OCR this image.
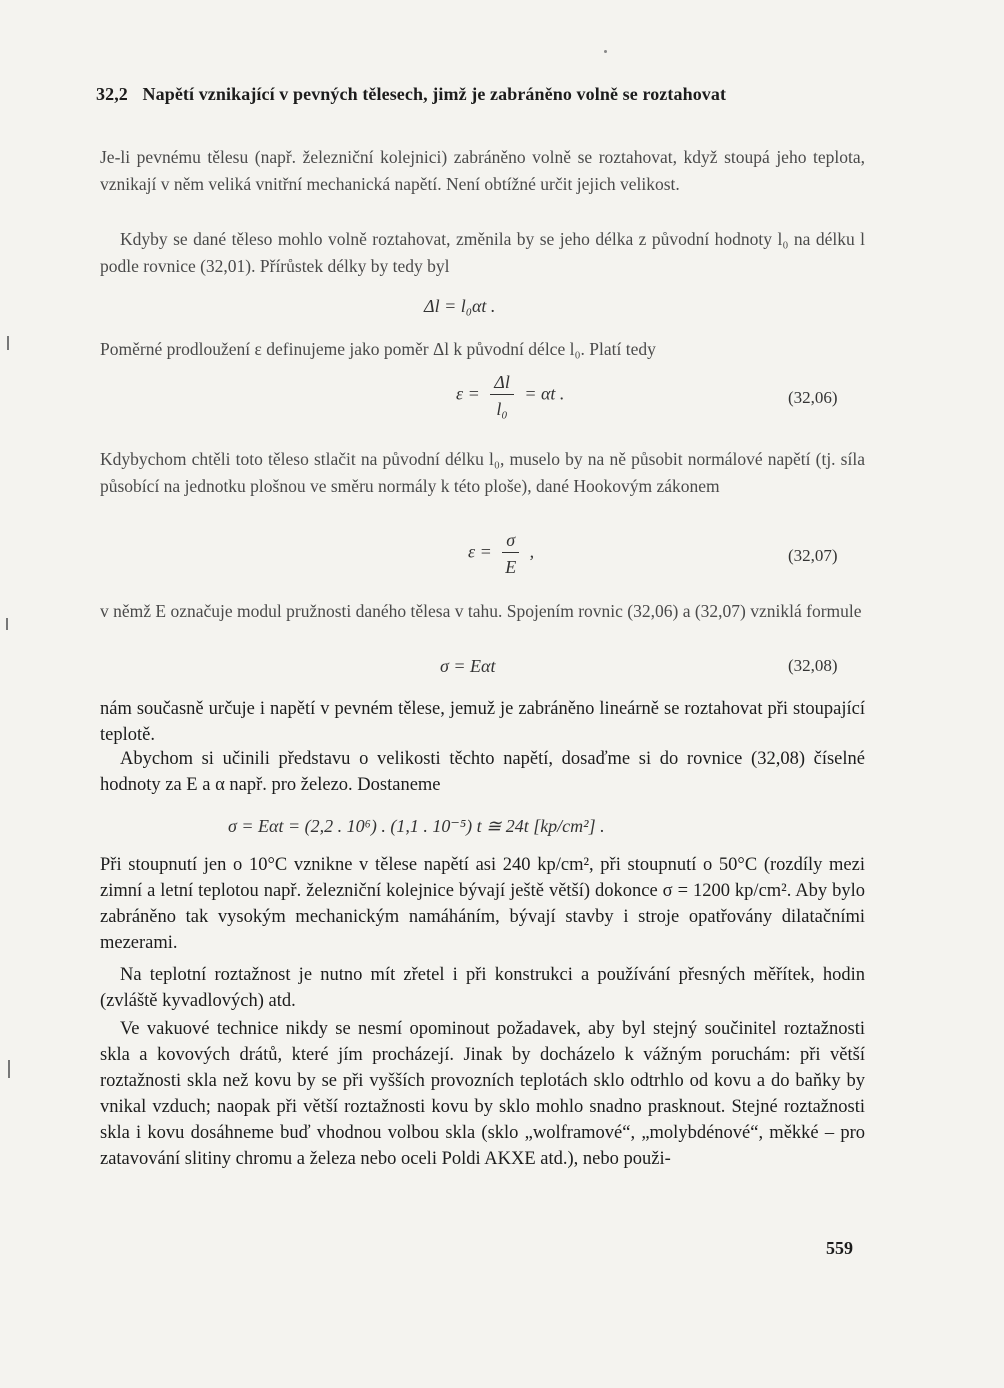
32,2 Napětí vznikající v pevných tělesech, jimž je zabráněno volně se roztahovat
Je-li pevnému tělesu (např. železniční kolejnici) zabráněno volně se roztahovat, když stoupá jeho teplota, vznikají v něm veliká vnitřní mechanická napětí. Není obtížné určit jejich velikost.
Kdyby se dané těleso mohlo volně roztahovat, změnila by se jeho délka z původní hodnoty l₀ na délku l podle rovnice (32,01). Přírůstek délky by tedy byl
Δl = l₀αt .
Poměrné prodloužení ε definujeme jako poměr Δl k původní délce l₀. Platí tedy
$\varepsilon = \frac{\Delta l}{\text{l₀}} = \alpha t$ .	(32,06)
Kdybychom chtěli toto těleso stlačit na původní délku l₀, muselo by na ně působit normálové napětí (tj. síla působící na jednotku plošnou ve směru normály k této ploše), dané Hookovým zákonem
$\varepsilon = \frac{\sigma}{E}$ ,	(32,07)
v němž E označuje modul pružnosti daného tělesa v tahu. Spojením rovnic (32,06) a (32,07) vzniklá formule
σ = Eαt	(32,08)
nám současně určuje i napětí v pevném tělese, jemuž je zabráněno lineárně se roztahovat při stoupající teplotě.
Abychom si učinili představu o velikosti těchto napětí, dosaďme si do rovnice (32,08) číselné hodnoty za E a α např. pro železo. Dostaneme
σ = Eαt = (2,2 . 10⁶) . (1,1 . 10⁻⁵) t ≅ 24t [kp/cm²] .
Při stoupnutí jen o 10°C vznikne v tělese napětí asi 240 kp/cm², při stoupnutí o 50°C (rozdíly mezi zimní a letní teplotou např. železniční kolejnice bývají ještě větší) dokonce σ = 1200 kp/cm². Aby bylo zabráněno tak vysokým mechanickým namáháním, bývají stavby i stroje opatřovány dilatačními mezerami.
Na teplotní roztažnost je nutno mít zřetel i při konstrukci a používání přesných měřítek, hodin (zvláště kyvadlových) atd.
Ve vakuové technice nikdy se nesmí opominout požadavek, aby byl stejný součinitel roztažnosti skla a kovových drátů, které jím procházejí. Jinak by docházelo k vážným poruchám: při větší roztažnosti skla než kovu by se při vyšších provozních teplotách sklo odtrhlo od kovu a do baňky by vnikal vzduch; naopak při větší roztažnosti kovu by sklo mohlo snadno prasknout. Stejné roztažnosti skla i kovu dosáhneme buď vhodnou volbou skla (sklo „wolframové“, „molybdénové“, měkké – pro zatavování slitiny chromu a železa nebo oceli Poldi AKXE atd.), nebo použi-
559
